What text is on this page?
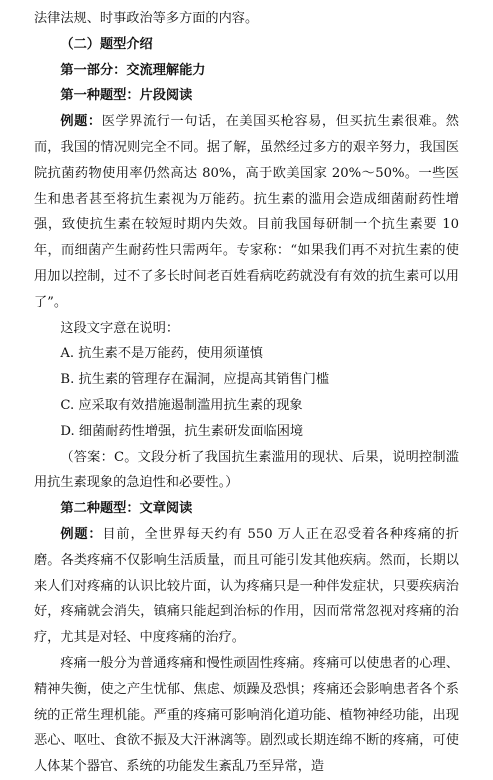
法律法规、时事政治等多方面的内容。

（二）题型介绍

第一部分：交流理解能力

第一种题型：片段阅读

例题：医学界流行一句话，在美国买枪容易，但买抗生素很难。然而，我国的情况则完全不同。据了解，虽然经过多方的艰辛努力，我国医院抗菌药物使用率仍然高达 80%，高于欧美国家 20%～50%。一些医生和患者甚至将抗生素视为万能药。抗生素的滥用会造成细菌耐药性增强，致使抗生素在较短时期内失效。目前我国每研制一个抗生素要 10 年，而细菌产生耐药性只需两年。专家称：“如果我们再不对抗生素的使用加以控制，过不了多长时间老百姓看病吃药就没有有效的抗生素可以用了”。

这段文字意在说明：

A. 抗生素不是万能药，使用须谨慎

B. 抗生素的管理存在漏洞，应提高其销售门槛

C. 应采取有效措施遏制滥用抗生素的现象

D. 细菌耐药性增强，抗生素研发面临困境

（答案：C。文段分析了我国抗生素滥用的现状、后果，说明控制滥用抗生素现象的急迫性和必要性。）

第二种题型：文章阅读

例题：目前，全世界每天约有 550 万人正在忍受着各种疼痛的折磨。各类疼痛不仅影响生活质量，而且可能引发其他疾病。然而，长期以来人们对疼痛的认识比较片面，认为疼痛只是一种伴发症状，只要疾病治好，疼痛就会消失，镇痛只能起到治标的作用，因而常常忽视对疼痛的治疗，尤其是对轻、中度疼痛的治疗。

疼痛一般分为普通疼痛和慢性顽固性疼痛。疼痛可以使患者的心理、精神失衡，使之产生忧郁、焦虑、烦躁及恐惧；疼痛还会影响患者各个系统的正常生理机能。严重的疼痛可影响消化道功能、植物神经功能，出现恶心、呕吐、食欲不振及大汗淋漓等。剧烈或长期连绵不断的疼痛，可使人体某个器官、系统的功能发生紊乱乃至异常，造
